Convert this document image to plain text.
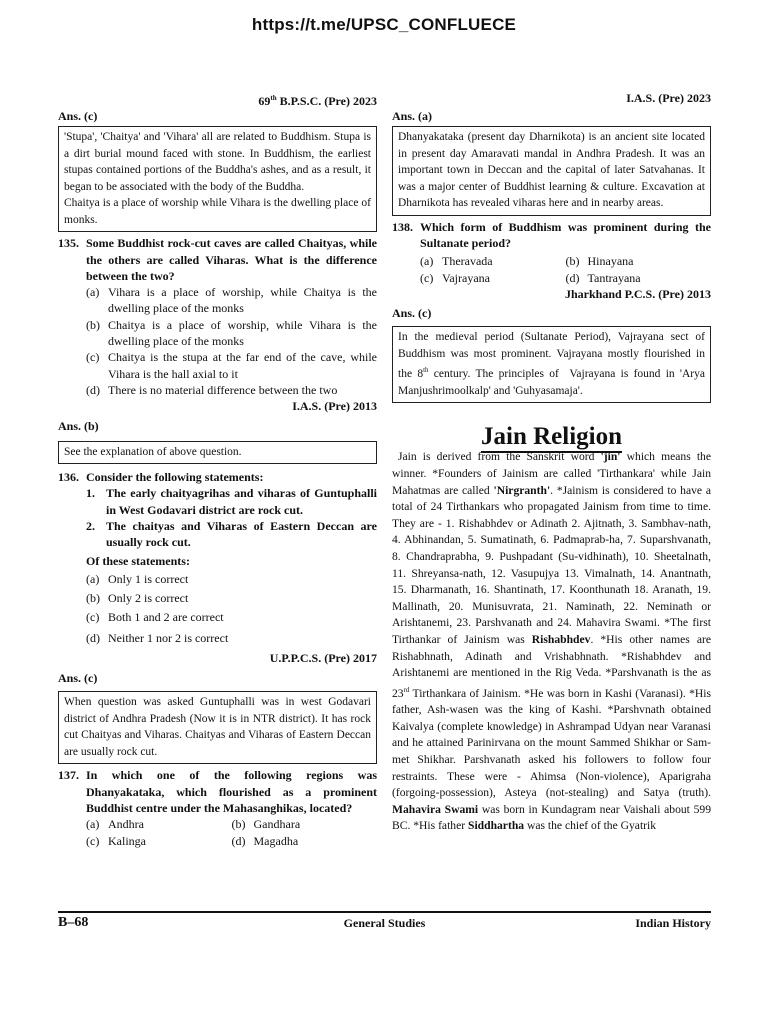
https://t.me/UPSC_CONFLUECE
69th B.P.S.C. (Pre) 2023
Ans. (c)
'Stupa', 'Chaitya' and 'Vihara' all are related to Buddhism. Stupa is a dirt burial mound faced with stone. In Buddhism, the earliest stupas contained portions of the Buddha's ashes, and as a result, it began to be associated with the body of the Buddha.
Chaitya is a place of worship while Vihara is the dwelling place of monks.
135. Some Buddhist rock-cut caves are called Chaityas, while the others are called Viharas. What is the difference between the two?
(a) Vihara is a place of worship, while Chaitya is the dwelling place of the monks
(b) Chaitya is a place of worship, while Vihara is the dwelling place of the monks
(c) Chaitya is the stupa at the far end of the cave, while Vihara is the hall axial to it
(d) There is no material difference between the two
I.A.S. (Pre) 2013
Ans. (b)
See the explanation of above question.
136. Consider the following statements:
1. The early chaityagrihas and viharas of Guntuphalli in West Godavari district are rock cut.
2. The chaityas and Viharas of Eastern Deccan are usually rock cut.
Of these statements:
(a) Only 1 is correct
(b) Only 2 is correct
(c) Both 1 and 2 are correct
(d) Neither 1 nor 2 is correct
U.P.P.C.S. (Pre) 2017
Ans. (c)
When question was asked Guntuphalli was in west Godavari district of Andhra Pradesh (Now it is in NTR district). It has rock cut Chaityas and Viharas. Chaityas and Viharas of Eastern Deccan are usually rock cut.
137. In which one of the following regions was Dhanyakataka, which flourished as a prominent Buddhist centre under the Mahasanghikas, located?
(a) Andhra	(b) Gandhara
(c) Kalinga	(d) Magadha
I.A.S. (Pre) 2023
Ans. (a)
Dhanyakataka (present day Dharnikota) is an ancient site located in present day Amaravati mandal in Andhra Pradesh. It was an important town in Deccan and the capital of later Satvahanas. It was a major center of Buddhist learning & culture. Excavation at Dharnikota has revealed viharas here and in nearby areas.
138. Which form of Buddhism was prominent during the Sultanate period?
(a) Theravada	(b) Hinayana
(c) Vajrayana	(d) Tantrayana
Jharkhand P.C.S. (Pre) 2013
Ans. (c)
In the medieval period (Sultanate Period), Vajrayana sect of Buddhism was most prominent. Vajrayana mostly flourished in the 8th century. The principles of  Vajrayana is found in 'Arya Manjushrimoolkalp' and 'Guhyasamaja'.
Jain Religion
Jain is derived from the Sanskrit word 'jin' which means the winner. *Founders of Jainism are called 'Tirthankara' while Jain Mahatmas are called 'Nirgranth'. *Jainism is considered to have a total of 24 Tirthankars who propagated Jainism from time to time. They are - 1. Rishabhdev or Adinath 2. Ajitnath, 3. Sambhav-nath, 4. Abhinandan, 5. Sumatinath, 6. Padmaprab-ha, 7. Suparshvanath, 8. Chandraprabha, 9. Pushpadant (Su-vidhinath), 10. Sheetalnath, 11. Shreyansa-nath, 12. Vasupujya 13. Vimalnath, 14. Anantnath, 15. Dharmanath, 16. Shantinath, 17. Koonthunath 18. Aranath, 19. Mallinath, 20. Munisuvrata, 21. Naminath, 22. Neminath or Arishtanemi, 23. Parshvanath and 24. Mahavira Swami. *The first Tirthankar of Jainism was Rishabhdev. *His other names are Rishabhnath, Adinath and Vrishabhnath. *Rishabhdev and Arishtanemi are mentioned in the Rig Veda. *Parshvanath is the as 23rd Tirthankara of Jainism. *He was born in Kashi (Varanasi). *His father, Ash-wasen was the king of Kashi. *Parshvnath obtained Kaivalya (complete knowledge) in Ashrampad Udyan near Varanasi and he attained Parinirvana on the mount Sammed Shikhar or Sam-met Shikhar. Parshvanath asked his followers to follow four restraints. These were - Ahimsa (Non-violence), Aparigraha (forgoing-possession), Asteya (not-stealing) and Satya (truth). Mahavira Swami was born in Kundagram near Vaishali about 599 BC. *His father Siddhartha was the chief of the Gyatrik
B–68	General Studies	Indian History
